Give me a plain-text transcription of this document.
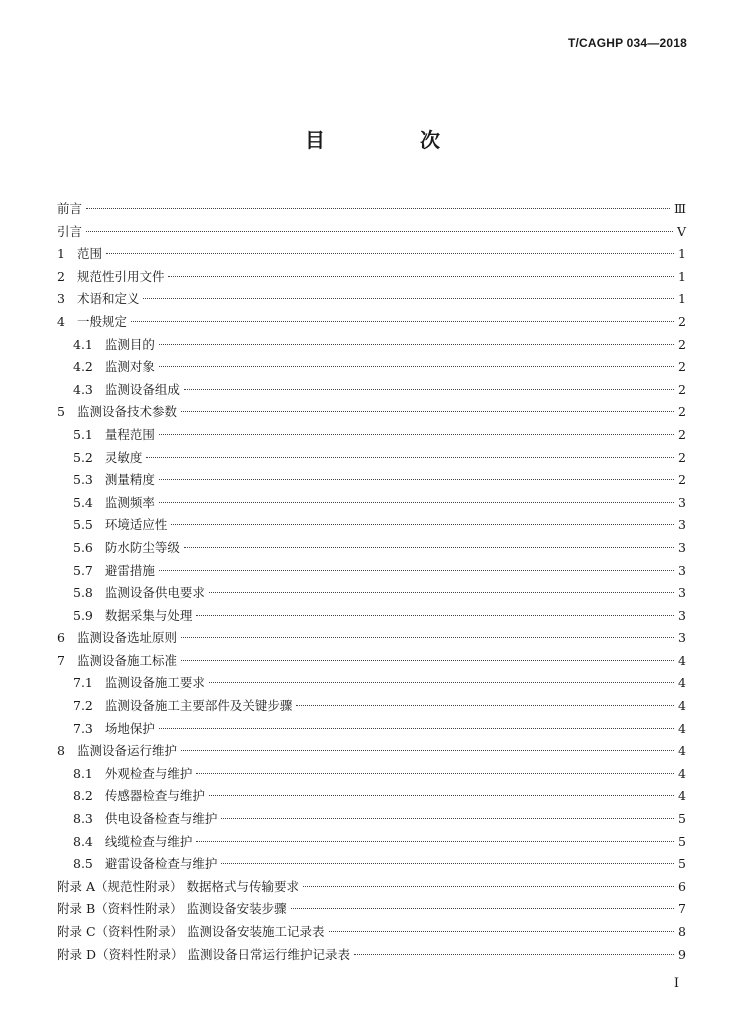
T/CAGHP 034—2018
目 次
前言	Ⅲ
引言	Ⅴ
1 范围	1
2 规范性引用文件	1
3 术语和定义	1
4 一般规定	2
4.1 监测目的	2
4.2 监测对象	2
4.3 监测设备组成	2
5 监测设备技术参数	2
5.1 量程范围	2
5.2 灵敏度	2
5.3 测量精度	2
5.4 监测频率	3
5.5 环境适应性	3
5.6 防水防尘等级	3
5.7 避雷措施	3
5.8 监测设备供电要求	3
5.9 数据采集与处理	3
6 监测设备选址原则	3
7 监测设备施工标准	4
7.1 监测设备施工要求	4
7.2 监测设备施工主要部件及关键步骤	4
7.3 场地保护	4
8 监测设备运行维护	4
8.1 外观检查与维护	4
8.2 传感器检查与维护	4
8.3 供电设备检查与维护	5
8.4 线缆检查与维护	5
8.5 避雷设备检查与维护	5
附录 A（规范性附录） 数据格式与传输要求	6
附录 B（资料性附录） 监测设备安装步骤	7
附录 C（资料性附录） 监测设备安装施工记录表	8
附录 D（资料性附录） 监测设备日常运行维护记录表	9
Ⅰ
